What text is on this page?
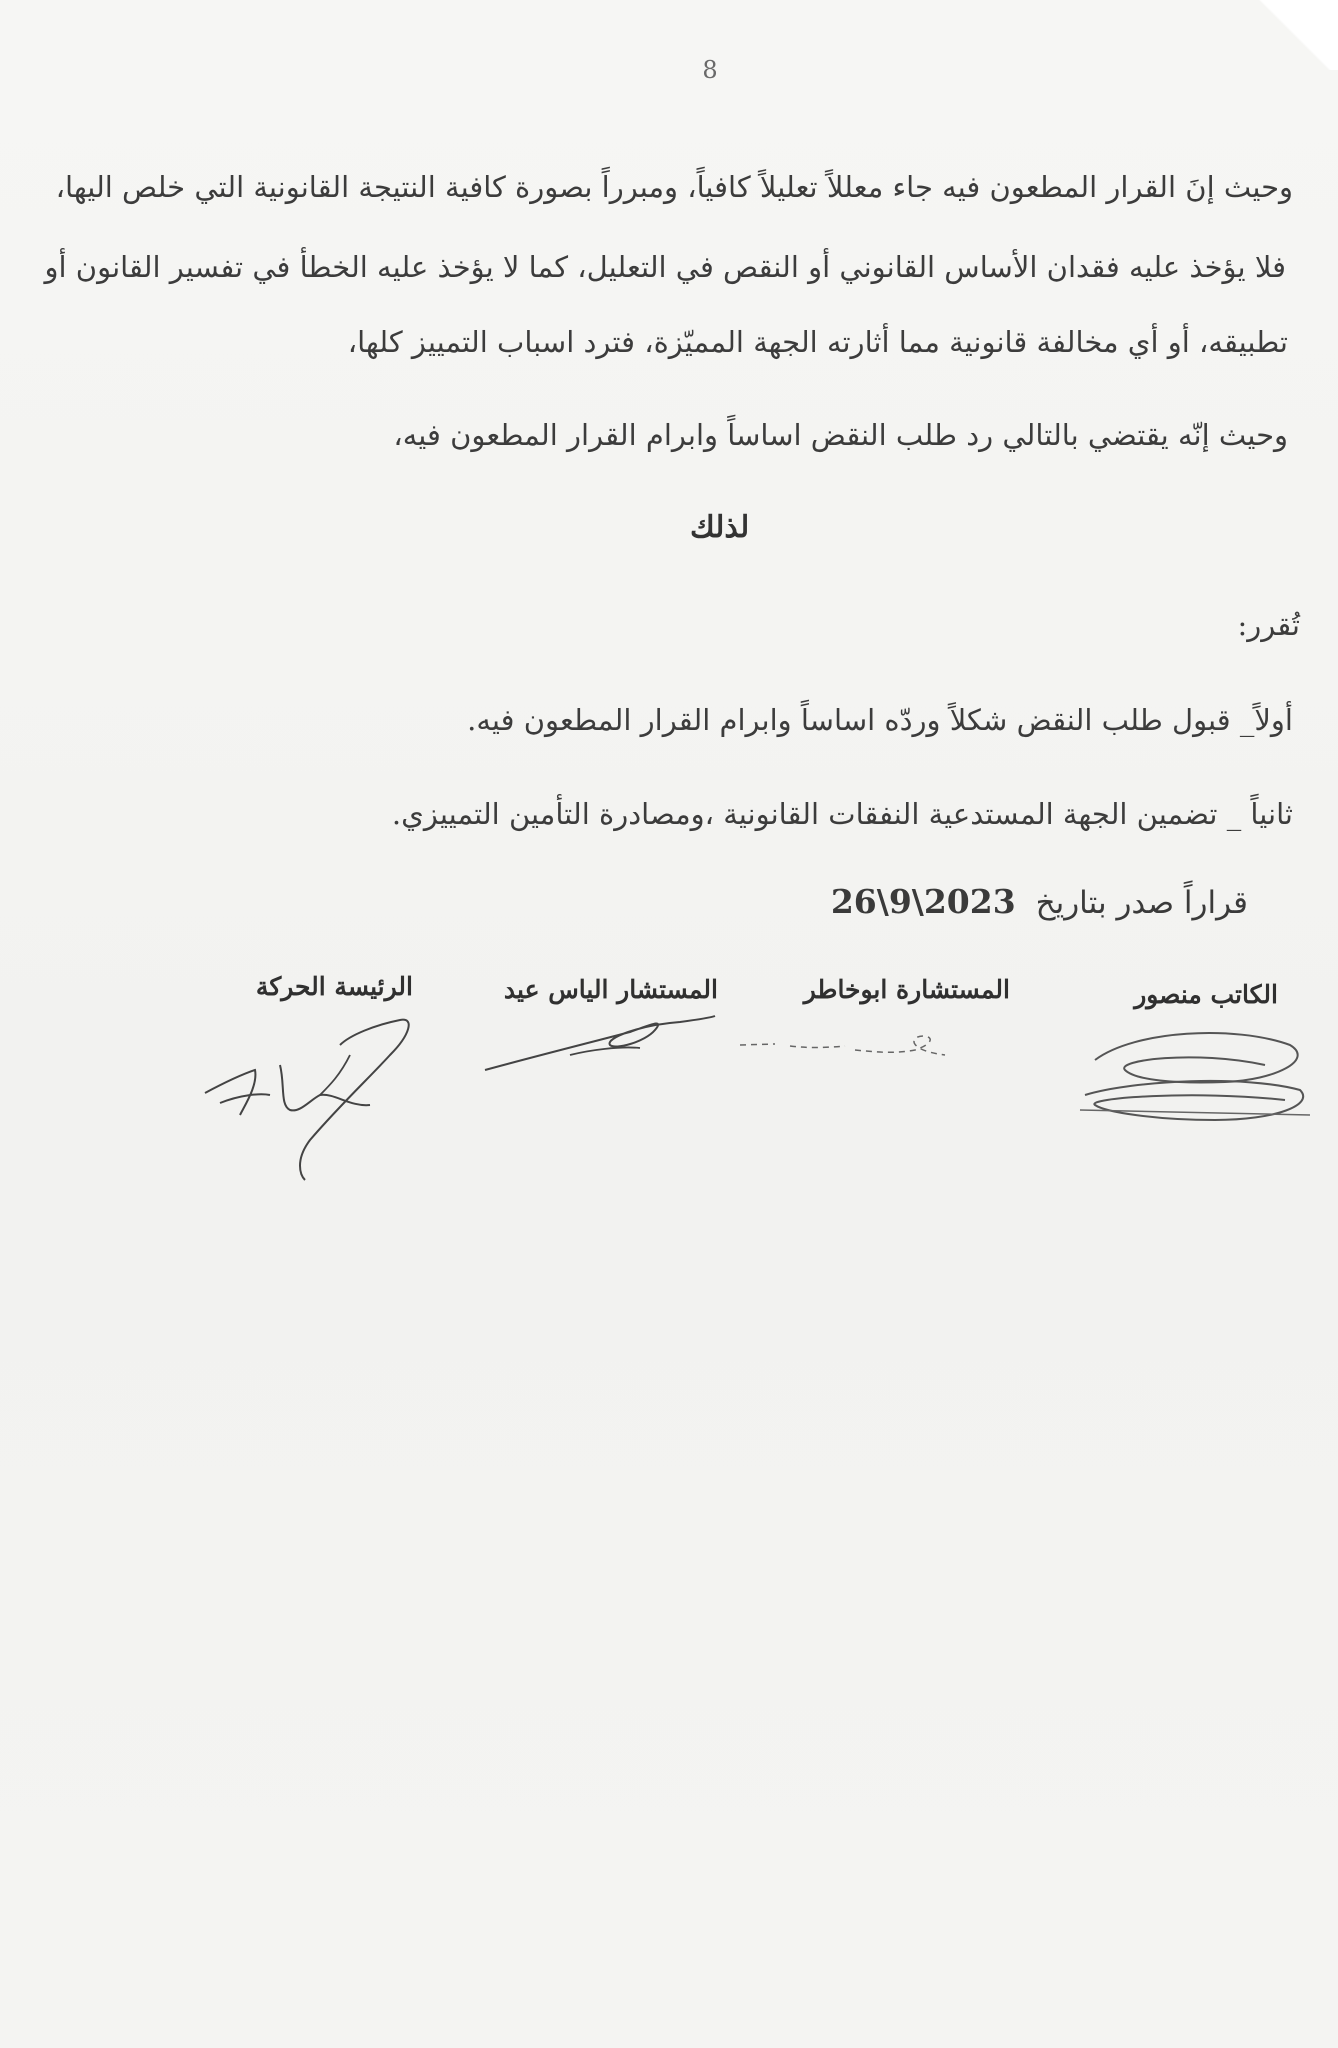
8
وحيث إنَ القرار المطعون فيه جاء معللاً تعليلاً كافياً، ومبرراً بصورة كافية النتيجة القانونية التي خلص اليها،
فلا يؤخذ عليه فقدان الأساس القانوني أو النقص في التعليل، كما لا يؤخذ عليه الخطأ في تفسير القانون أو
تطبيقه، أو أي مخالفة قانونية مما أثارته الجهة المميّزة، فترد اسباب التمييز كلها،
وحيث إنّه يقتضي بالتالي رد طلب النقض اساساً وابرام القرار المطعون فيه،
لذلك
تُقرر:
أولاً_ قبول طلب النقض شكلاً وردّه اساساً وابرام القرار المطعون فيه.
ثانياً _ تضمين الجهة المستدعية النفقات القانونية ،ومصادرة التأمين التمييزي.
قراراً صدر بتاريخ 2023\9\26
الكاتب منصور
المستشارة ابوخاطر
المستشار الياس عيد
الرئيسة الحركة
